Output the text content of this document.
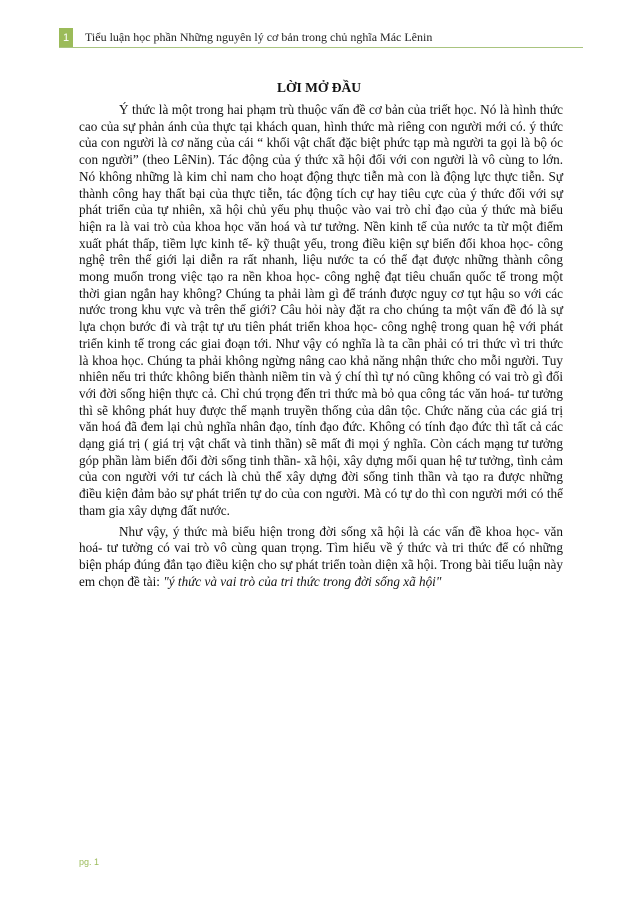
1	Tiểu luận học phần Những nguyên lý cơ bản trong chủ nghĩa Mác Lênin
LỜI MỞ ĐẦU

Ý thức là một trong hai phạm trù thuộc vấn đề cơ bản của triết học. Nó là hình thức cao của sự phản ánh của thực tại khách quan, hình thức mà riêng con người mới có. ý thức của con người là cơ năng của cái “ khối vật chất đặc biệt phức tạp mà người ta gọi là bộ óc con người” (theo LêNin). Tác động của ý thức xã hội đối với con người là vô cùng to lớn. Nó không những là kim chỉ nam cho hoạt động thực tiễn mà con là động lực thực tiễn. Sự thành công hay thất bại của thực tiễn, tác động tích cự hay tiêu cực của ý thức đối với sự phát triển của tự nhiên, xã hội chủ yếu phụ thuộc vào vai trò chỉ đạo của ý thức mà biểu hiện ra là vai trò của khoa học văn hoá và tư tưởng. Nền kinh tế của nước ta từ một điểm xuất phát thấp, tiềm lực kinh tế- kỹ thuật yếu, trong điều kiện sự biến đổi khoa học- công nghệ trên thế giới lại diễn ra rất nhanh, liệu nước ta có thể đạt được những thành công mong muốn trong việc tạo ra nền khoa học- công nghệ đạt tiêu chuẩn quốc tế trong một thời gian ngắn hay không? Chúng ta phải làm gì để tránh được nguy cơ tụt hậu so với các nước trong khu vực và trên thế giới? Câu hỏi này đặt ra cho chúng ta một vấn đề đó là sự lựa chọn bước đi và trật tự ưu tiên phát triển khoa học- công nghệ trong quan hệ với phát triển kinh tế trong các giai đoạn tới. Như vậy có nghĩa là ta cần phải có tri thức vì tri thức là khoa học. Chúng ta phải không ngừng nâng cao khả năng nhận thức cho mỗi người. Tuy nhiên nếu tri thức không biến thành niềm tin và ý chí thì tự nó cũng không có vai trò gì đối với đời sống hiện thực cả. Chỉ chú trọng đến tri thức mà bỏ qua công tác văn hoá- tư tưởng thì sẽ không phát huy được thế mạnh truyền thống của dân tộc. Chức năng của các giá trị văn hoá đã đem lại chủ nghĩa nhân đạo, tính đạo đức. Không có tính đạo đức thì tất cả các dạng giá trị ( giá trị vật chất và tinh thần) sẽ mất đi mọi ý nghĩa. Còn cách mạng tư tưởng góp phần làm biến đổi đời sống tinh thần- xã hội, xây dựng mối quan hệ tư tưởng, tình cảm của con người với tư cách là chủ thể xây dựng đời sống tinh thần và tạo ra được những điều kiện đảm bảo sự phát triển tự do của con người. Mà có tự do thì con người mới có thể tham gia xây dựng đất nước.

Như vậy, ý thức mà biểu hiện trong đời sống xã hội là các vấn đề khoa học- văn hoá- tư tưởng có vai trò vô cùng quan trọng. Tìm hiểu về ý thức và tri thức để có những biện pháp đúng đắn tạo điều kiện cho sự phát triển toàn diện xã hội. Trong bài tiểu luận này em chọn đề tài: "ý thức và vai trò của tri thức trong đời sống xã hội"

pg. 1
